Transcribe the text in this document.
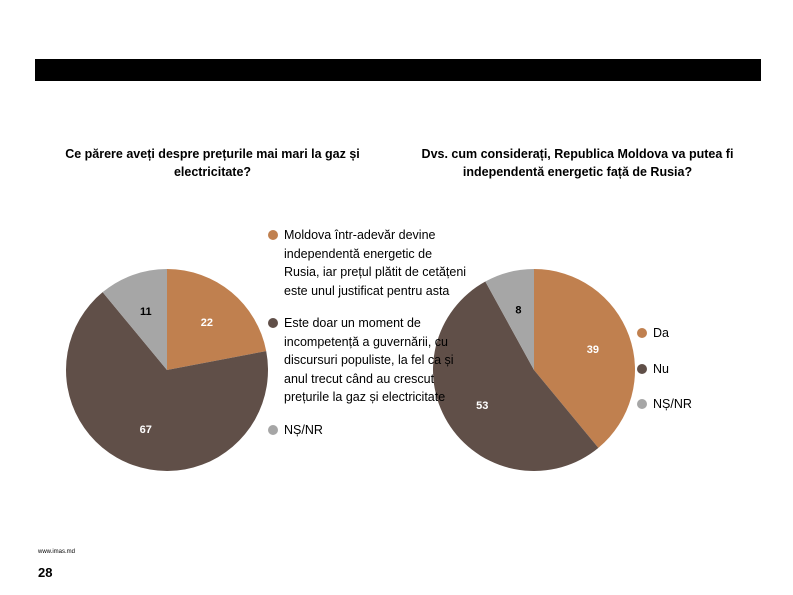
Ce părere aveți despre prețurile mai mari la gaz și electricitate?
Dvs. cum considerați, Republica Moldova va putea fi independentă energetic față de Rusia?
22
67
11
39
53
8
Moldova într-adevăr devine independentă energetic de Rusia, iar prețul plătit de cetățeni este unul justificat pentru asta
Este doar un moment de incompetență a guvernării, cu discursuri populiste, la fel ca și anul trecut când au crescut prețurile la gaz și electricitate
NȘ/NR
Da
Nu
NȘ/NR
www.imas.md
28
